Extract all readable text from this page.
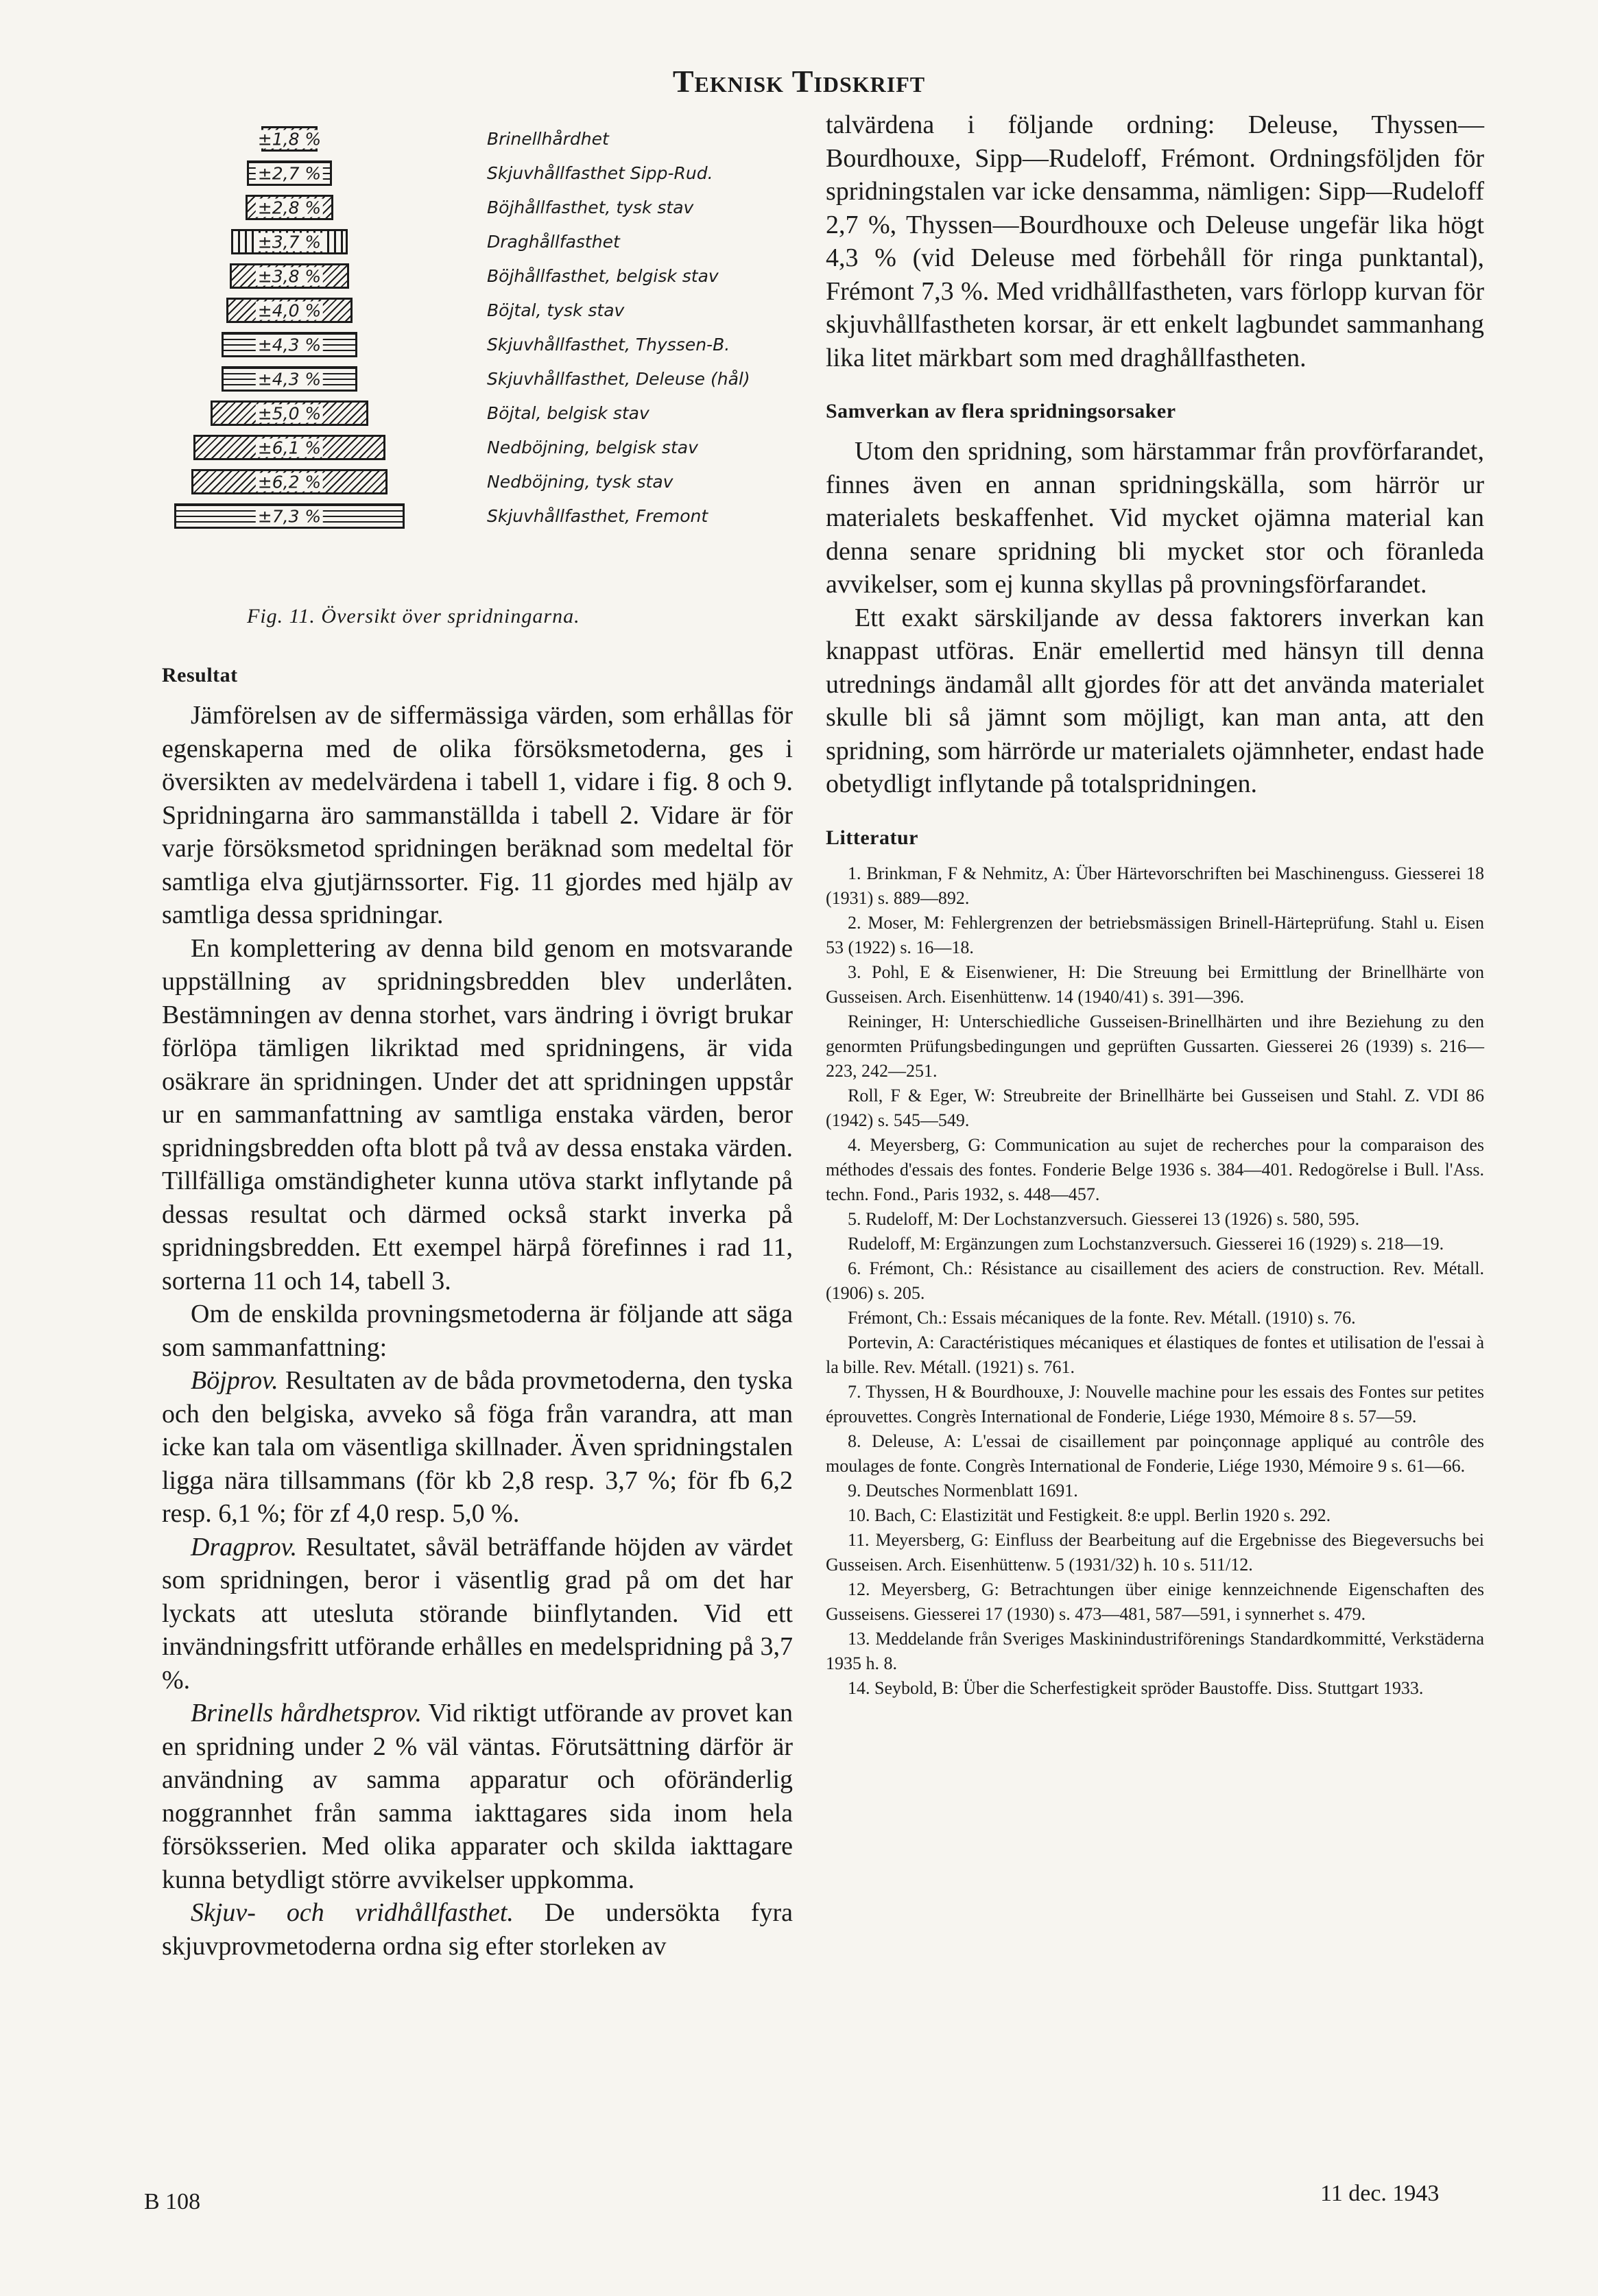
Teknisk Tidskrift
±1,8 %	Brinellhårdhet
±2,7 %	Skjuvhållfasthet Sipp-Rud.
±2,8 %	Böjhållfasthet, tysk stav
±3,7 %	Draghållfasthet
±3,8 %	Böjhållfasthet, belgisk stav
±4,0 %	Böjtal, tysk stav
±4,3 %	Skjuvhållfasthet, Thyssen-B.
±4,3 %	Skjuvhållfasthet, Deleuse (hål)
±5,0 %	Böjtal, belgisk stav
±6,1 %	Nedböjning, belgisk stav
±6,2 %	Nedböjning, tysk stav
±7,3 %	Skjuvhållfasthet, Fremont
Fig. 11. Översikt över spridningarna.
Resultat

Jämförelsen av de siffermässiga värden, som erhållas för egenskaperna med de olika försöksmetoderna, ges i översikten av medelvärdena i tabell 1, vidare i fig. 8 och 9. Spridningarna äro sammanställda i tabell 2. Vidare är för varje försöksmetod spridningen beräknad som medeltal för samtliga elva gjutjärnssorter. Fig. 11 gjordes med hjälp av samtliga dessa spridningar.

En komplettering av denna bild genom en motsvarande uppställning av spridningsbredden blev underlåten. Bestämningen av denna storhet, vars ändring i övrigt brukar förlöpa tämligen likriktad med spridningens, är vida osäkrare än spridningen. Under det att spridningen uppstår ur en sammanfattning av samtliga enstaka värden, beror spridningsbredden ofta blott på två av dessa enstaka värden. Tillfälliga omständigheter kunna utöva starkt inflytande på dessas resultat och därmed också starkt inverka på spridningsbredden. Ett exempel härpå förefinnes i rad 11, sorterna 11 och 14, tabell 3.

Om de enskilda provningsmetoderna är följande att säga som sammanfattning:

Böjprov. Resultaten av de båda provmetoderna, den tyska och den belgiska, avveko så föga från varandra, att man icke kan tala om väsentliga skillnader. Även spridningstalen ligga nära tillsammans (för kb 2,8 resp. 3,7 %; för fb 6,2 resp. 6,1 %; för zf 4,0 resp. 5,0 %.

Dragprov. Resultatet, såväl beträffande höjden av värdet som spridningen, beror i väsentlig grad på om det har lyckats att utesluta störande biinflytanden. Vid ett invändningsfritt utförande erhålles en medelspridning på 3,7 %.

Brinells hårdhetsprov. Vid riktigt utförande av provet kan en spridning under 2 % väl väntas. Förutsättning därför är användning av samma apparatur och oföränderlig noggrannhet från samma iakttagares sida inom hela försöksserien. Med olika apparater och skilda iakttagare kunna betydligt större avvikelser uppkomma.

Skjuv- och vridhållfasthet. De undersökta fyra skjuvprovmetoderna ordna sig efter storleken av

talvärdena i följande ordning: Deleuse, Thyssen—Bourdhouxe, Sipp—Rudeloff, Frémont. Ordningsföljden för spridningstalen var icke densamma, nämligen: Sipp—Rudeloff 2,7 %, Thyssen—Bourdhouxe och Deleuse ungefär lika högt 4,3 % (vid Deleuse med förbehåll för ringa punktantal), Frémont 7,3 %. Med vridhållfastheten, vars förlopp kurvan för skjuvhållfastheten korsar, är ett enkelt lagbundet sammanhang lika litet märkbart som med draghållfastheten.

Samverkan av flera spridningsorsaker

Utom den spridning, som härstammar från provförfarandet, finnes även en annan spridningskälla, som härrör ur materialets beskaffenhet. Vid mycket ojämna material kan denna senare spridning bli mycket stor och föranleda avvikelser, som ej kunna skyllas på provningsförfarandet.

Ett exakt särskiljande av dessa faktorers inverkan kan knappast utföras. Enär emellertid med hänsyn till denna utrednings ändamål allt gjordes för att det använda materialet skulle bli så jämnt som möjligt, kan man anta, att den spridning, som härrörde ur materialets ojämnheter, endast hade obetydligt inflytande på totalspridningen.

Litteratur
1. Brinkman, F & Nehmitz, A: Über Härtevorschriften bei Maschinenguss. Giesserei 18 (1931) s. 889—892.
2. Moser, M: Fehlergrenzen der betriebsmässigen Brinell-Härteprüfung. Stahl u. Eisen 53 (1922) s. 16—18.
3. Pohl, E & Eisenwiener, H: Die Streuung bei Ermittlung der Brinellhärte von Gusseisen. Arch. Eisenhüttenw. 14 (1940/41) s. 391—396.
Reininger, H: Unterschiedliche Gusseisen-Brinellhärten und ihre Beziehung zu den genormten Prüfungsbedingungen und geprüften Gussarten. Giesserei 26 (1939) s. 216—223, 242—251.
Roll, F & Eger, W: Streubreite der Brinellhärte bei Gusseisen und Stahl. Z. VDI 86 (1942) s. 545—549.
4. Meyersberg, G: Communication au sujet de recherches pour la comparaison des méthodes d'essais des fontes. Fonderie Belge 1936 s. 384—401. Redogörelse i Bull. l'Ass. techn. Fond., Paris 1932, s. 448—457.
5. Rudeloff, M: Der Lochstanzversuch. Giesserei 13 (1926) s. 580, 595.
Rudeloff, M: Ergänzungen zum Lochstanzversuch. Giesserei 16 (1929) s. 218—19.
6. Frémont, Ch.: Résistance au cisaillement des aciers de construction. Rev. Métall. (1906) s. 205.
Frémont, Ch.: Essais mécaniques de la fonte. Rev. Métall. (1910) s. 76.
Portevin, A: Caractéristiques mécaniques et élastiques de fontes et utilisation de l'essai à la bille. Rev. Métall. (1921) s. 761.
7. Thyssen, H & Bourdhouxe, J: Nouvelle machine pour les essais des Fontes sur petites éprouvettes. Congrès International de Fonderie, Liége 1930, Mémoire 8 s. 57—59.
8. Deleuse, A: L'essai de cisaillement par poinçonnage appliqué au contrôle des moulages de fonte. Congrès International de Fonderie, Liége 1930, Mémoire 9 s. 61—66.
9. Deutsches Normenblatt 1691.
10. Bach, C: Elastizität und Festigkeit. 8:e uppl. Berlin 1920 s. 292.
11. Meyersberg, G: Einfluss der Bearbeitung auf die Ergebnisse des Biegeversuchs bei Gusseisen. Arch. Eisenhüttenw. 5 (1931/32) h. 10 s. 511/12.
12. Meyersberg, G: Betrachtungen über einige kennzeichnende Eigenschaften des Gusseisens. Giesserei 17 (1930) s. 473—481, 587—591, i synnerhet s. 479.
13. Meddelande från Sveriges Maskinindustriförenings Standardkommitté, Verkstäderna 1935 h. 8.
14. Seybold, B: Über die Scherfestigkeit spröder Baustoffe. Diss. Stuttgart 1933.
B 108	11 dec. 1943
